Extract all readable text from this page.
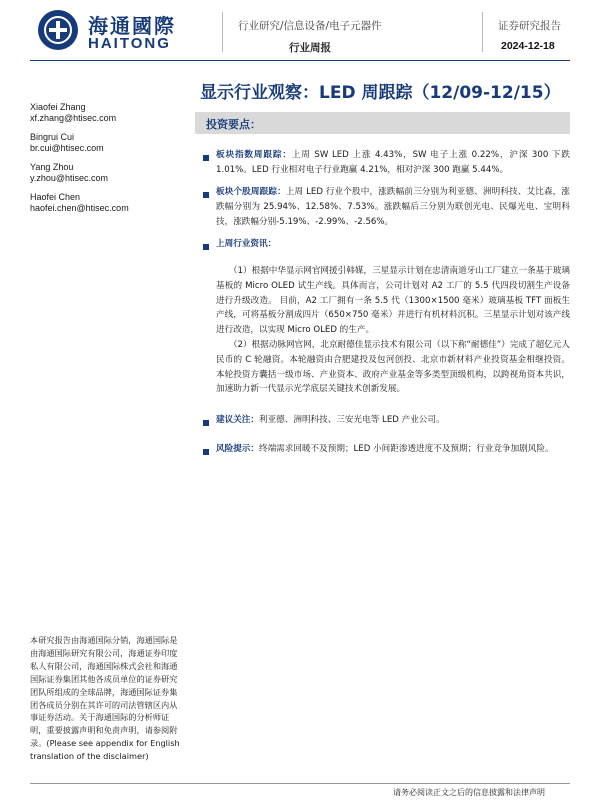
海通國際
HAITONG
行业研究/信息设备/电子元器件
行业周报
证券研究报告
2024-12-18
显示行业观察：LED 周跟踪（12/09-12/15）
Xiaofei Zhang
xf.zhang@htisec.com
Bingrui Cui
br.cui@htisec.com
Yang Zhou
y.zhou@htisec.com
Haofei Chen
haofei.chen@htisec.com
投资要点：
板块指数周跟踪：上周 SW LED 上涨 4.43%，SW 电子上涨 0.22%，沪深 300 下跌 1.01%。LED 行业相对电子行业跑赢 4.21%，相对沪深 300 跑赢 5.44%。
板块个股周跟踪：上周 LED 行业个股中，涨跌幅前三分别为利亚德、洲明科技、艾比森，涨跌幅分别为 25.94%、12.58%、7.53%。涨跌幅后三分别为联创光电、民爆光电、宝明科技，涨跌幅分别-5.19%、-2.99%、-2.56%。
上周行业资讯：
（1）根据中华显示网官网援引韩媒，三星显示计划在忠清南道牙山工厂建立一条基于玻璃基板的 Micro OLED 试生产线。具体而言，公司计划对 A2 工厂的 5.5 代四段切割生产设备进行升级改造。 目前，A2 工厂拥有一条 5.5 代（1300×1500 毫米）玻璃基板 TFT 面板生产线，可将基板分割成四片（650×750 毫米）并进行有机材料沉积。三星显示计划对该产线进行改造，以实现 Micro OLED 的生产。
（2）根据动脉网官网，北京耐德佳显示技术有限公司（以下称“耐德佳”）完成了超亿元人民币的 C 轮融资。本轮融资由合肥建投及包河创投、北京市新材料产业投资基金相继投资。本轮投资方囊括一级市场、产业资本、政府产业基金等多类型顶级机构，以跨视角资本共识，加速助力新一代显示光学底层关键技术创新发展。
建议关注：利亚德、洲明科技、三安光电等 LED 产业公司。
风险提示：终端需求回暖不及预期；LED 小间距渗透进度不及预期；行业竞争加剧风险。
本研究报告由海通国际分销，海通国际是由海通国际研究有限公司，海通证券印度私人有限公司，海通国际株式会社和海通国际证券集团其他各成员单位的证券研究团队所组成的全球品牌，海通国际证券集团各成员分别在其许可的司法管辖区内从事证券活动。关于海通国际的分析师证明，重要披露声明和免责声明，请参阅附录。(Please see appendix for English translation of the disclaimer)
请务必阅读正文之后的信息披露和法律声明
